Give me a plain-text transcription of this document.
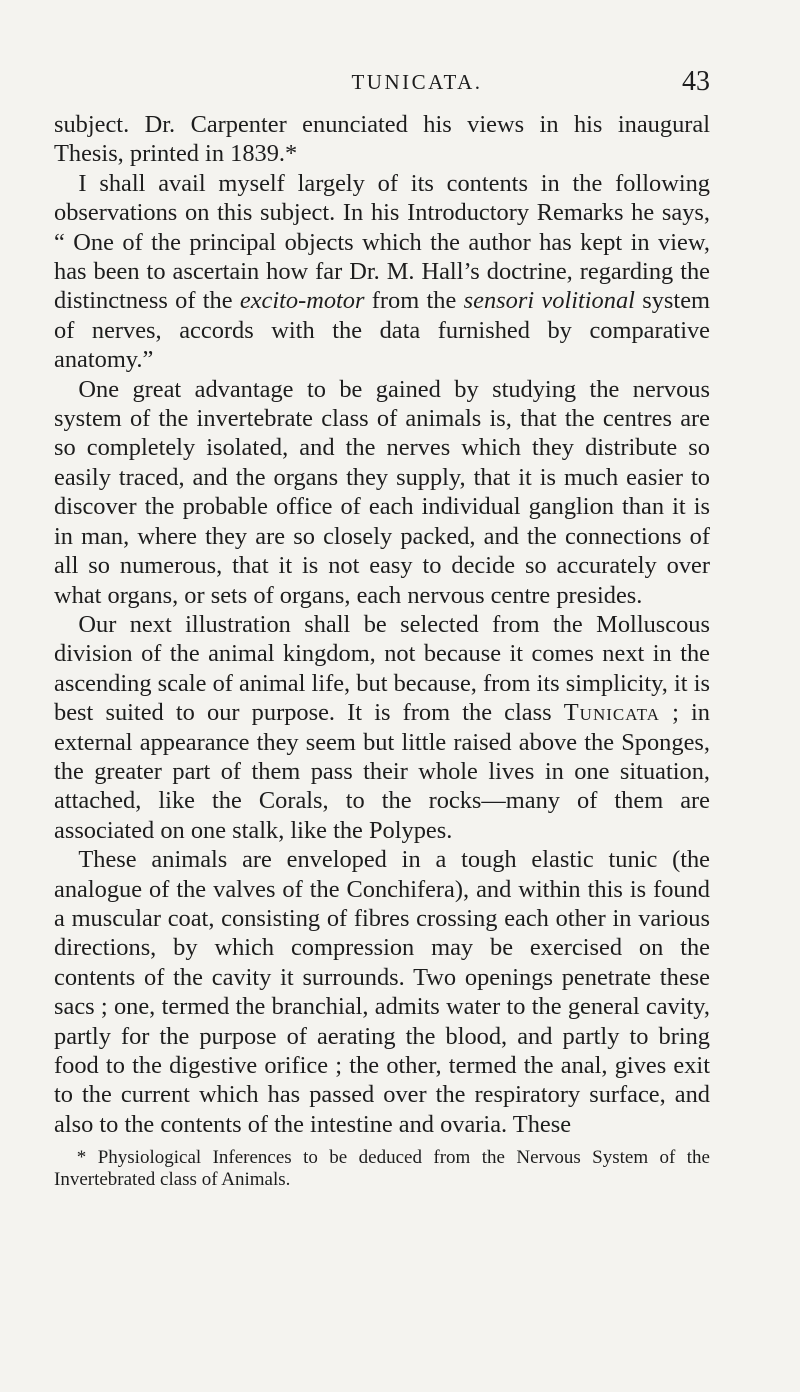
TUNICATA.	43

subject. Dr. Carpenter enunciated his views in his inaugural Thesis, printed in 1839.*

I shall avail myself largely of its contents in the following observations on this subject. In his Introductory Remarks he says, “ One of the principal objects which the author has kept in view, has been to ascertain how far Dr. M. Hall’s doctrine, regarding the distinctness of the excito-motor from the sensori volitional system of nerves, accords with the data furnished by comparative anatomy.”

One great advantage to be gained by studying the nervous system of the invertebrate class of animals is, that the centres are so completely isolated, and the nerves which they distribute so easily traced, and the organs they supply, that it is much easier to discover the probable office of each individual ganglion than it is in man, where they are so closely packed, and the connections of all so numerous, that it is not easy to decide so accurately over what organs, or sets of organs, each nervous centre presides.

Our next illustration shall be selected from the Molluscous division of the animal kingdom, not because it comes next in the ascending scale of animal life, but because, from its simplicity, it is best suited to our purpose. It is from the class Tunicata ; in external appearance they seem but little raised above the Sponges, the greater part of them pass their whole lives in one situation, attached, like the Corals, to the rocks—many of them are associated on one stalk, like the Polypes.

These animals are enveloped in a tough elastic tunic (the analogue of the valves of the Conchifera), and within this is found a muscular coat, consisting of fibres crossing each other in various directions, by which compression may be exercised on the contents of the cavity it surrounds. Two openings penetrate these sacs ; one, termed the branchial, admits water to the general cavity, partly for the purpose of aerating the blood, and partly to bring food to the digestive orifice ; the other, termed the anal, gives exit to the current which has passed over the respiratory surface, and also to the contents of the intestine and ovaria. These

* Physiological Inferences to be deduced from the Nervous System of the Invertebrated class of Animals.
